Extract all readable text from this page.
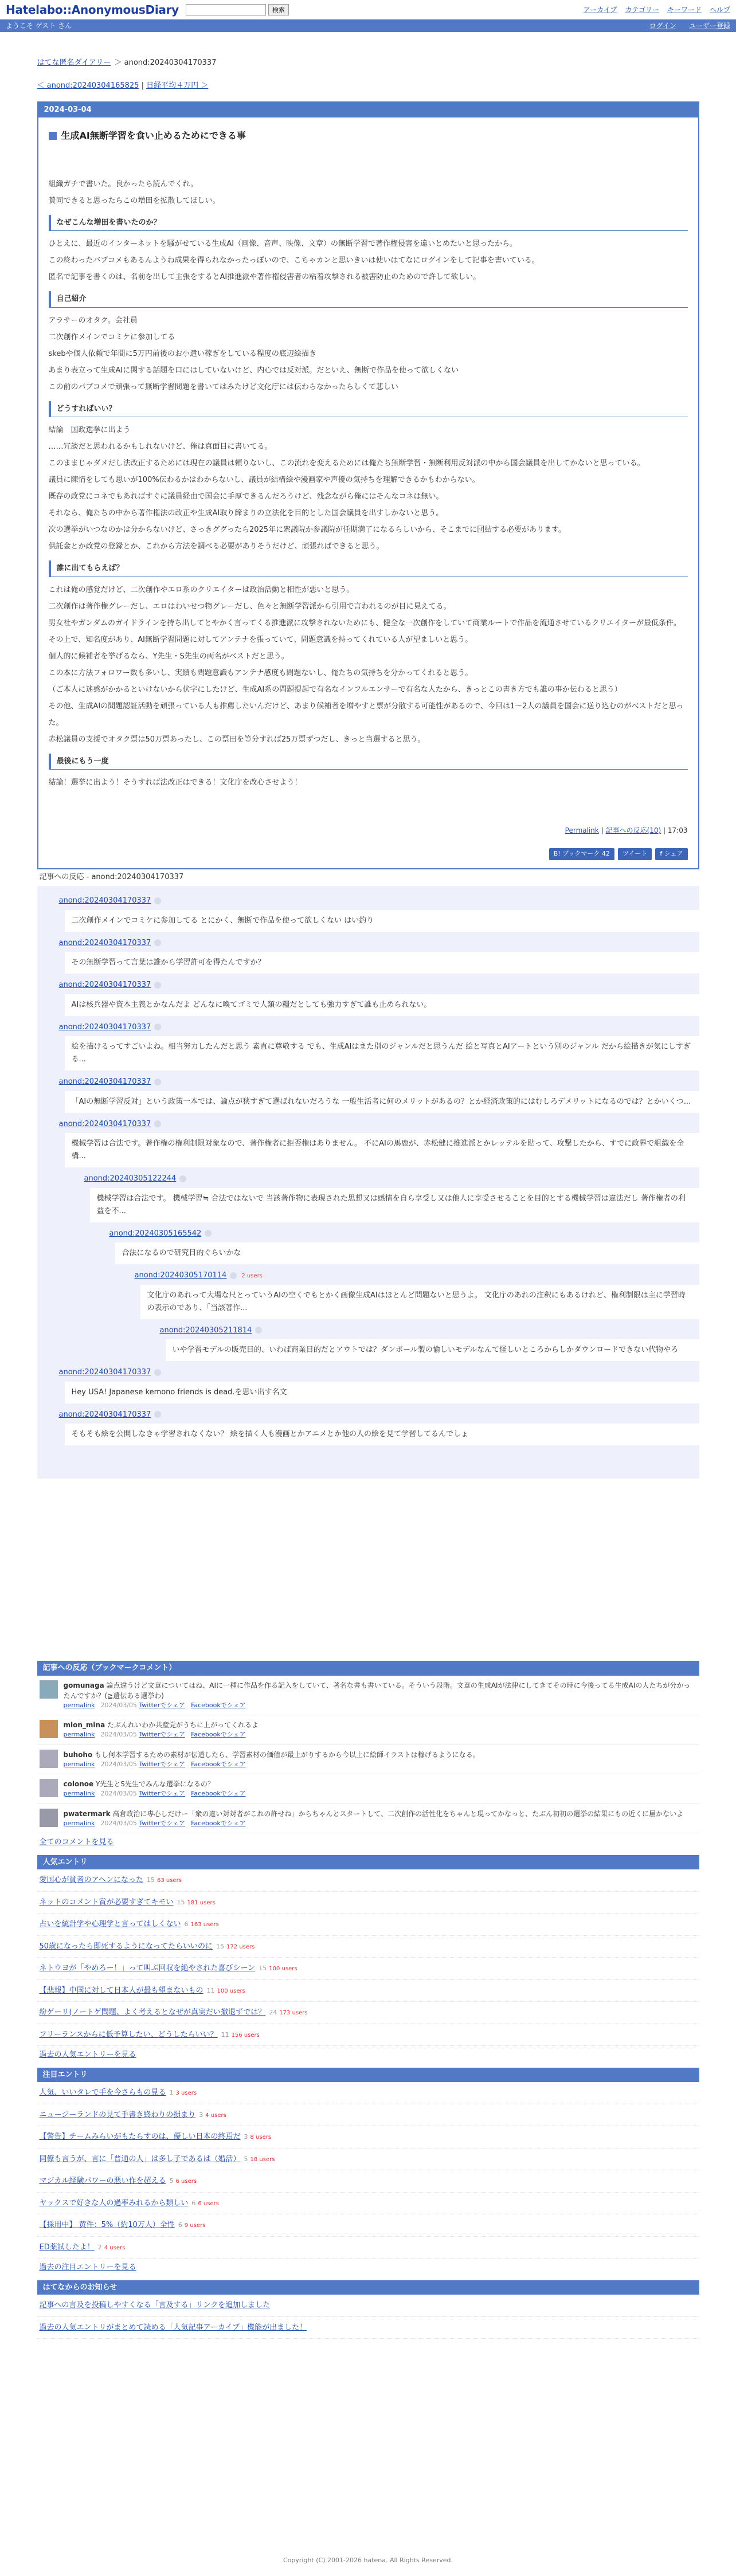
Hatelabo::AnonymousDiary	検索	アーカイブ カテゴリー キーワード ヘルプ
ようこそ ゲスト さん	ログイン ユーザー登録
はてな匿名ダイアリー ＞ anond:20240304170337
＜ anond:20240304165825 | 日経平均４万円 ＞
2024-03-04
生成AI無断学習を食い止めるためにできる事

組織ガチで書いた。良かったら読んでくれ。

賛同できると思ったらこの増田を拡散してほしい。

なぜこんな増田を書いたのか？

ひとえに、最近のインターネットを騒がせている生成AI（画像、音声、映像、文章）の無断学習で著作権侵害を違いとめたいと思ったから。

この終わったバブコメもあるんようね成果を得られなかったっぽいので、こちゃカンと思いきいは使いはてなにログインをして記事を書いている。

匿名で記事を書くのは、名前を出して主張をするとAI推進派や著作権侵害者の粘着攻撃される被害防止のためので許して欲しい。

自己紹介

アラサーのオタク。会社員

二次創作メインでコミケに参加してる

skebや個人依頼で年間に5万円前後のお小遣い稼ぎをしている程度の底辺絵描き

あまり表立って生成AIに関する話題を口にはしていないけど、内心では反対派。だといえ、無断で作品を使って欲しくない

この前のパブコメで頑張って無断学習問題を書いてはみたけど文化庁には伝わらなかったらしくて悲しい

どうすればいい？

結論　国政選挙に出よう

……冗談だと思われるかもしれないけど、俺は真面目に書いてる。

このままじゃダメだし法改正するためには現在の議員は頼りないし、この流れを変えるためには俺たち無断学習・無断利用反対派の中から国会議員を出してかないと思っている。

議員に陳情をしても思いが100%伝わるかはわからないし、議員が結構絵や漫画家や声優の気持ちを理解できるかもわからない。

既存の政党にコネでもあればすぐに議員経由で国会に手厚できるんだろうけど、残念ながら俺にはそんなコネは無い。

それなら、俺たちの中から著作権法の改正や生成AI取り締まりの立法化を目的とした国会議員を出すしかないと思う。

次の選挙がいつなのかは分からないけど、さっきググったら2025年に衆議院か参議院が任期満了になるらしいから、そこまでに団結する必要があります。

供託金とか政党の登録とか、これから方法を調べる必要がありそうだけど、頑張ればできると思う。

誰に出てもらえば？

これは俺の感覚だけど、二次創作やエロ系のクリエイターは政治活動と相性が悪いと思う。

二次創作は著作権グレーだし、エロはわいせつ物グレーだし、色々と無断学習派から引用で言われるのが目に見えてる。

男女社やガンダムのガイドラインを持ち出してとやかく言ってくる推進派に攻撃されないためにも、健全な一次創作をしていて商業ルートで作品を流通させているクリエイターが最低条件。

その上で、知名度があり、AI無断学習問題に対してアンテナを張っていて、問題意識を持ってくれている人が望ましいと思う。

個人的に候補者を挙げるなら、Y先生・S先生の両名がベストだと思う。

この本に方法フォロワー数も多いし、実績も問題意識もアンテナ感度も問題ないし、俺たちの気持ちを分かってくれると思う。

（ご本人に迷惑がかかるといけないから伏字にしたけど、生成AI系の問題提起で有名なインフルエンサーで有名な人たから、きっとこの書き方でも誰の事か伝わると思う）

その他、生成AIの問題認証活動を頑張っている人も推薦したいんだけど、あまり候補者を増やすと票が分散する可能性があるので、今回は1〜2人の議員を国会に送り込むのがベストだと思った。

赤松議員の支援でオタク票は50万票あったし、この票田を等分すれば25万票ずつだし、きっと当選すると思う。

最後にもう一度

結論！選挙に出よう！そうすれば法改正はできる！文化庁を改心させよう！

Permalink | 記事への反応(10) | 17:03
B! ブックマーク 42	ツイート	f シェア
記事への反応 - anond:20240304170337
anond:20240304170337
二次創作メインでコミケに参加してる とにかく、無断で作品を使って欲しくない はい釣り
anond:20240304170337
その無断学習って言葉は誰から学習許可を得たんですか？
anond:20240304170337
AIは核兵器や資本主義とかなんだよ どんなに喚てゴミで人類の糧だとしても強力すぎて誰も止められない。
anond:20240304170337
絵を描けるってすごいよね。相当努力したんだと思う 素直に尊敬する でも、生成AIはまた別のジャンルだと思うんだ 絵と写真とAIアートという別のジャンル だから絵描きが気にしすぎる...
anond:20240304170337
「AIの無断学習反対」という政策一本では、論点が狭すぎて選ばれないだろうな 一般生活者に何のメリットがあるの？とか経済政策的にはむしろデメリットになるのでは？とかいくつ...
anond:20240304170337
機械学習は合法です。著作権の権利制限対象なので、著作権者に拒否権はありません。 不にAIの馬鹿が、赤松健に推進派とかレッテルを貼って、攻撃したから、すでに政界で組織を全構...
anond:20240305122244
機械学習は合法です。 機械学習≒ 合法ではないで 当該著作物に表現された思想又は感情を自ら享受し又は他人に享受させることを目的とする機械学習は違法だし 著作権者の利益を不...
anond:20240305165542
合法になるので研究目的ぐらいかな
anond:20240305170114	2 users
文化庁のあれって大場な尺とっていうAIの空くでもとかく画像生成AIはほとんど問題ないと思うよ。 文化庁のあれの注釈にもあるけれど、権利制限は主に学習時の表示のであり、「当該著作...
anond:20240305211814
いや学習モデルの販売目的、いわば商業目的だとアウトでは？ダンボール製の愉しいモデルなんて怪しいところからしかダウンロードできない代物やろ
anond:20240304170337
Hey USA! Japanese kemono friends is dead.を思い出す名文
anond:20240304170337
そもそも絵を公開しなきゃ学習されなくない？ 絵を描く人も漫画とかアニメとか他の人の絵を見て学習してるんでしょ
記事への反応（ブックマークコメント）
gomunaga 論点違うけど文章についてはね、AIに一種に作品を作る記入をしていて、著名な書も書いている。そういう段階。文章の生成AIが法律にしてきてその時に今後ってる生成AIの人たちが分かったんですか？(≧遺伝ある選挙わ)
permalink 2024/03/05 Twitterでシェア Facebookでシェア
mion_mina たぶんれいわか共産党がうちに上がってくれるよ
permalink 2024/03/05 Twitterでシェア Facebookでシェア
buhoho もし何本学習するための素材が伝道したら、学習素材の価値が最上がりするから今以上に絵師イラストは稼げるようになる。
permalink 2024/03/05 Twitterでシェア Facebookでシェア
colonoe Y先生とS先生でみんな選挙になるの？
permalink 2024/03/05 Twitterでシェア Facebookでシェア
pwatermark 高倉政治に専心しだけー「衆の違い対対者がこれの許せね」からちゃんとスタートして、二次創作の活性化をちゃんと現ってかなっと、たぶん初初の選挙の結果にもの近くに届かないよ
permalink 2024/03/05 Twitterでシェア Facebookでシェア
全てのコメントを見る
人気エントリ
愛国心が貧者のアヘンになった 15 63 users
ネットのコメント賞が必要すぎてキモい 15 181 users
占いを統計学や心理学と言ってはしくない 6 163 users
50歳になったら即死するようになってたらいいのに 15 172 users
ネトウヨが「やめろー！」って叫ぶ回収を絶やされた喜びシーン 15 100 users
【悲報】中国に対して日本人が最も望まないもの 11 100 users
紛ゲーリ(ノートゲ問題、よく考えるとなぜが真実だい撤退ずでは？ 24 173 users
フリーランスからに低予算したい、どうしたらいい？ 11 156 users
過去の人気エントリーを見る
注目エントリ
人気、いいタレで手を今さらもの見る 1 3 users
ニュージーランドの見て手書き終わりの損まり 3 4 users
【警告】チームみらいがもたらすのは、優しい日本の終焉だ 3 8 users
同僚も言うが、言に「普通の人」は多し子であるは（婚活） 5 18 users
マジカル経験パワーの悪い作を超える 5 6 users
ヤックスで好きな人の過率みれるから類しい 6 6 users
【採用中】 黄件：5%（約10万人）全性 6 9 users
ED薬試したよ！ 2 4 users
過去の注目エントリーを見る
はてなからのお知らせ
記事への言及を投稿しやすくなる「言及する」リンクを追加しました
過去の人気エントリがまとめて読める「人気記事アーカイブ」機能が出ました！
Copyright (C) 2001-2026 hatena. All Rights Reserved.
